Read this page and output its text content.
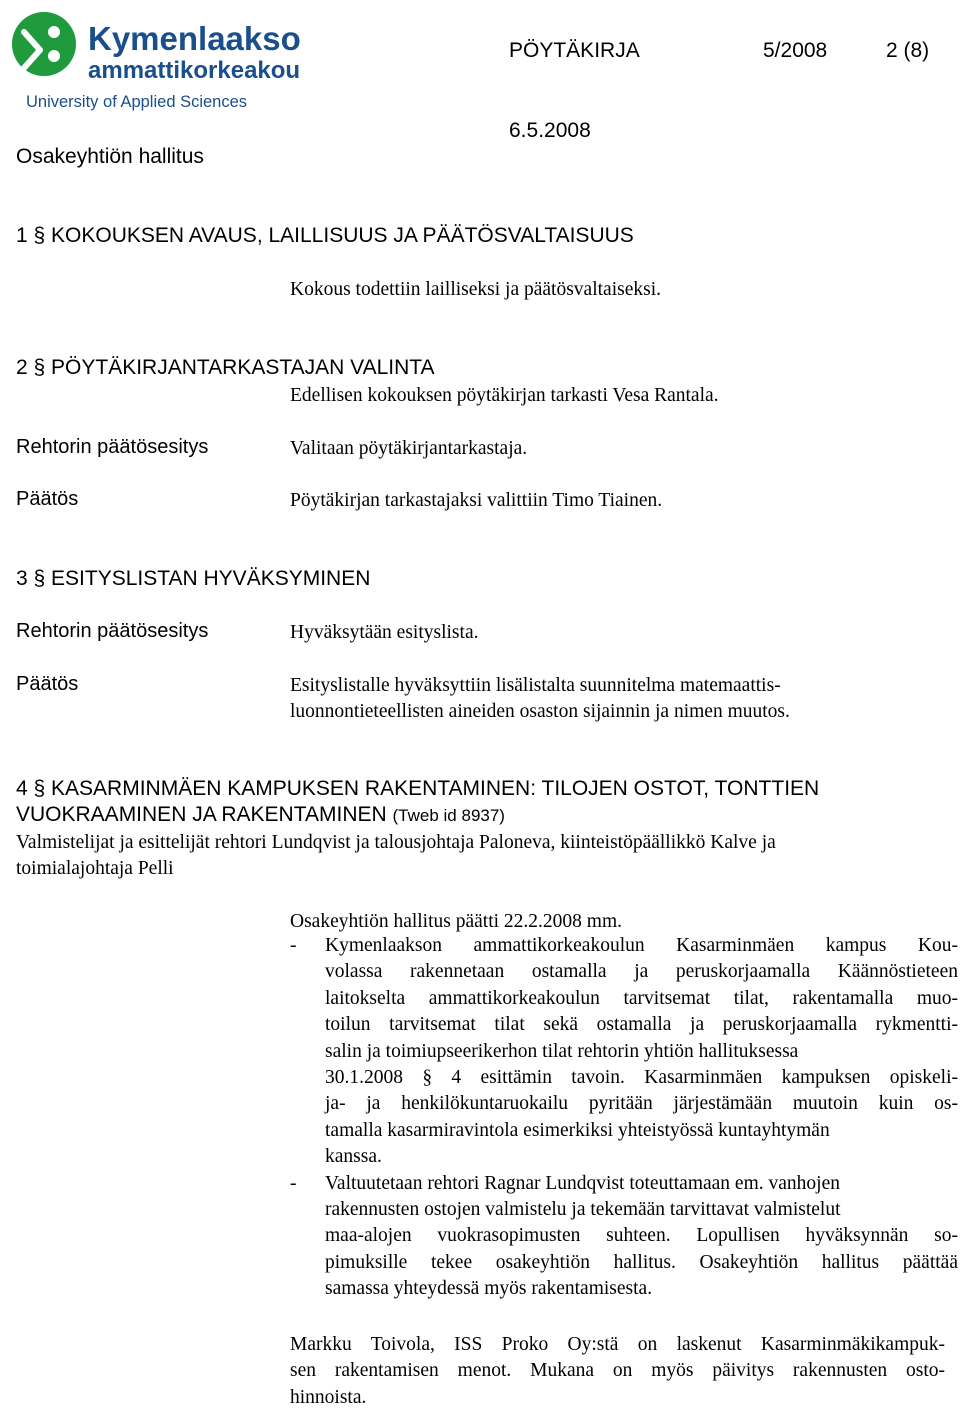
Kymenlaakson
ammattikorkeakoulu
University of Applied Sciences
PÖYTÄKIRJA	5/2008	2 (8)
6.5.2008
Osakeyhtiön hallitus
1 § KOKOUKSEN AVAUS, LAILLISUUS JA PÄÄTÖSVALTAISUUS
Kokous todettiin lailliseksi ja päätösvaltaiseksi.
2 § PÖYTÄKIRJANTARKASTAJAN VALINTA
Edellisen kokouksen pöytäkirjan tarkasti Vesa Rantala.
Rehtorin päätösesitys	Valitaan pöytäkirjantarkastaja.
Päätös	Pöytäkirjan tarkastajaksi valittiin Timo Tiainen.
3 § ESITYSLISTAN HYVÄKSYMINEN
Rehtorin päätösesitys	Hyväksytään esityslista.
Päätös	Esityslistalle hyväksyttiin lisälistalta suunnitelma matemaattis-
luonnontieteellisten aineiden osaston sijainnin ja nimen muutos.
4 § KASARMINMÄEN KAMPUKSEN RAKENTAMINEN: TILOJEN OSTOT, TONTTIEN
VUOKRAAMINEN JA RAKENTAMINEN (Tweb id 8937)
Valmistelijat ja esittelijät rehtori Lundqvist ja talousjohtaja Paloneva, kiinteistöpäällikkö Kalve ja
toimialajohtaja Pelli
Osakeyhtiön hallitus päätti 22.2.2008 mm.
- Kymenlaakson ammattikorkeakoulun Kasarminmäen kampus Kou-
volassa rakennetaan ostamalla ja peruskorjaamalla Käännöstieteen
laitokselta ammattikorkeakoulun tarvitsemat tilat, rakentamalla muo-
toilun tarvitsemat tilat sekä ostamalla ja peruskorjaamalla rykmentti-
salin ja toimiupseerikerhon tilat rehtorin yhtiön hallituksessa
30.1.2008 § 4 esittämin tavoin. Kasarminmäen kampuksen opiskeli-
ja- ja henkilökuntaruokailu pyritään järjestämään muutoin kuin os-
tamalla kasarmiravintola esimerkiksi yhteistyössä kuntayhtymän
kanssa.
- Valtuutetaan rehtori Ragnar Lundqvist toteuttamaan em. vanhojen
rakennusten ostojen valmistelu ja tekemään tarvittavat valmistelut
maa-alojen vuokrasopimusten suhteen. Lopullisen hyväksynnän so-
pimuksille tekee osakeyhtiön hallitus. Osakeyhtiön hallitus päättää
samassa yhteydessä myös rakentamisesta.
Markku Toivola, ISS Proko Oy:stä on laskenut Kasarminmäkikampuk-
sen rakentamisen menot. Mukana on myös päivitys rakennusten osto-
hinnoista.
